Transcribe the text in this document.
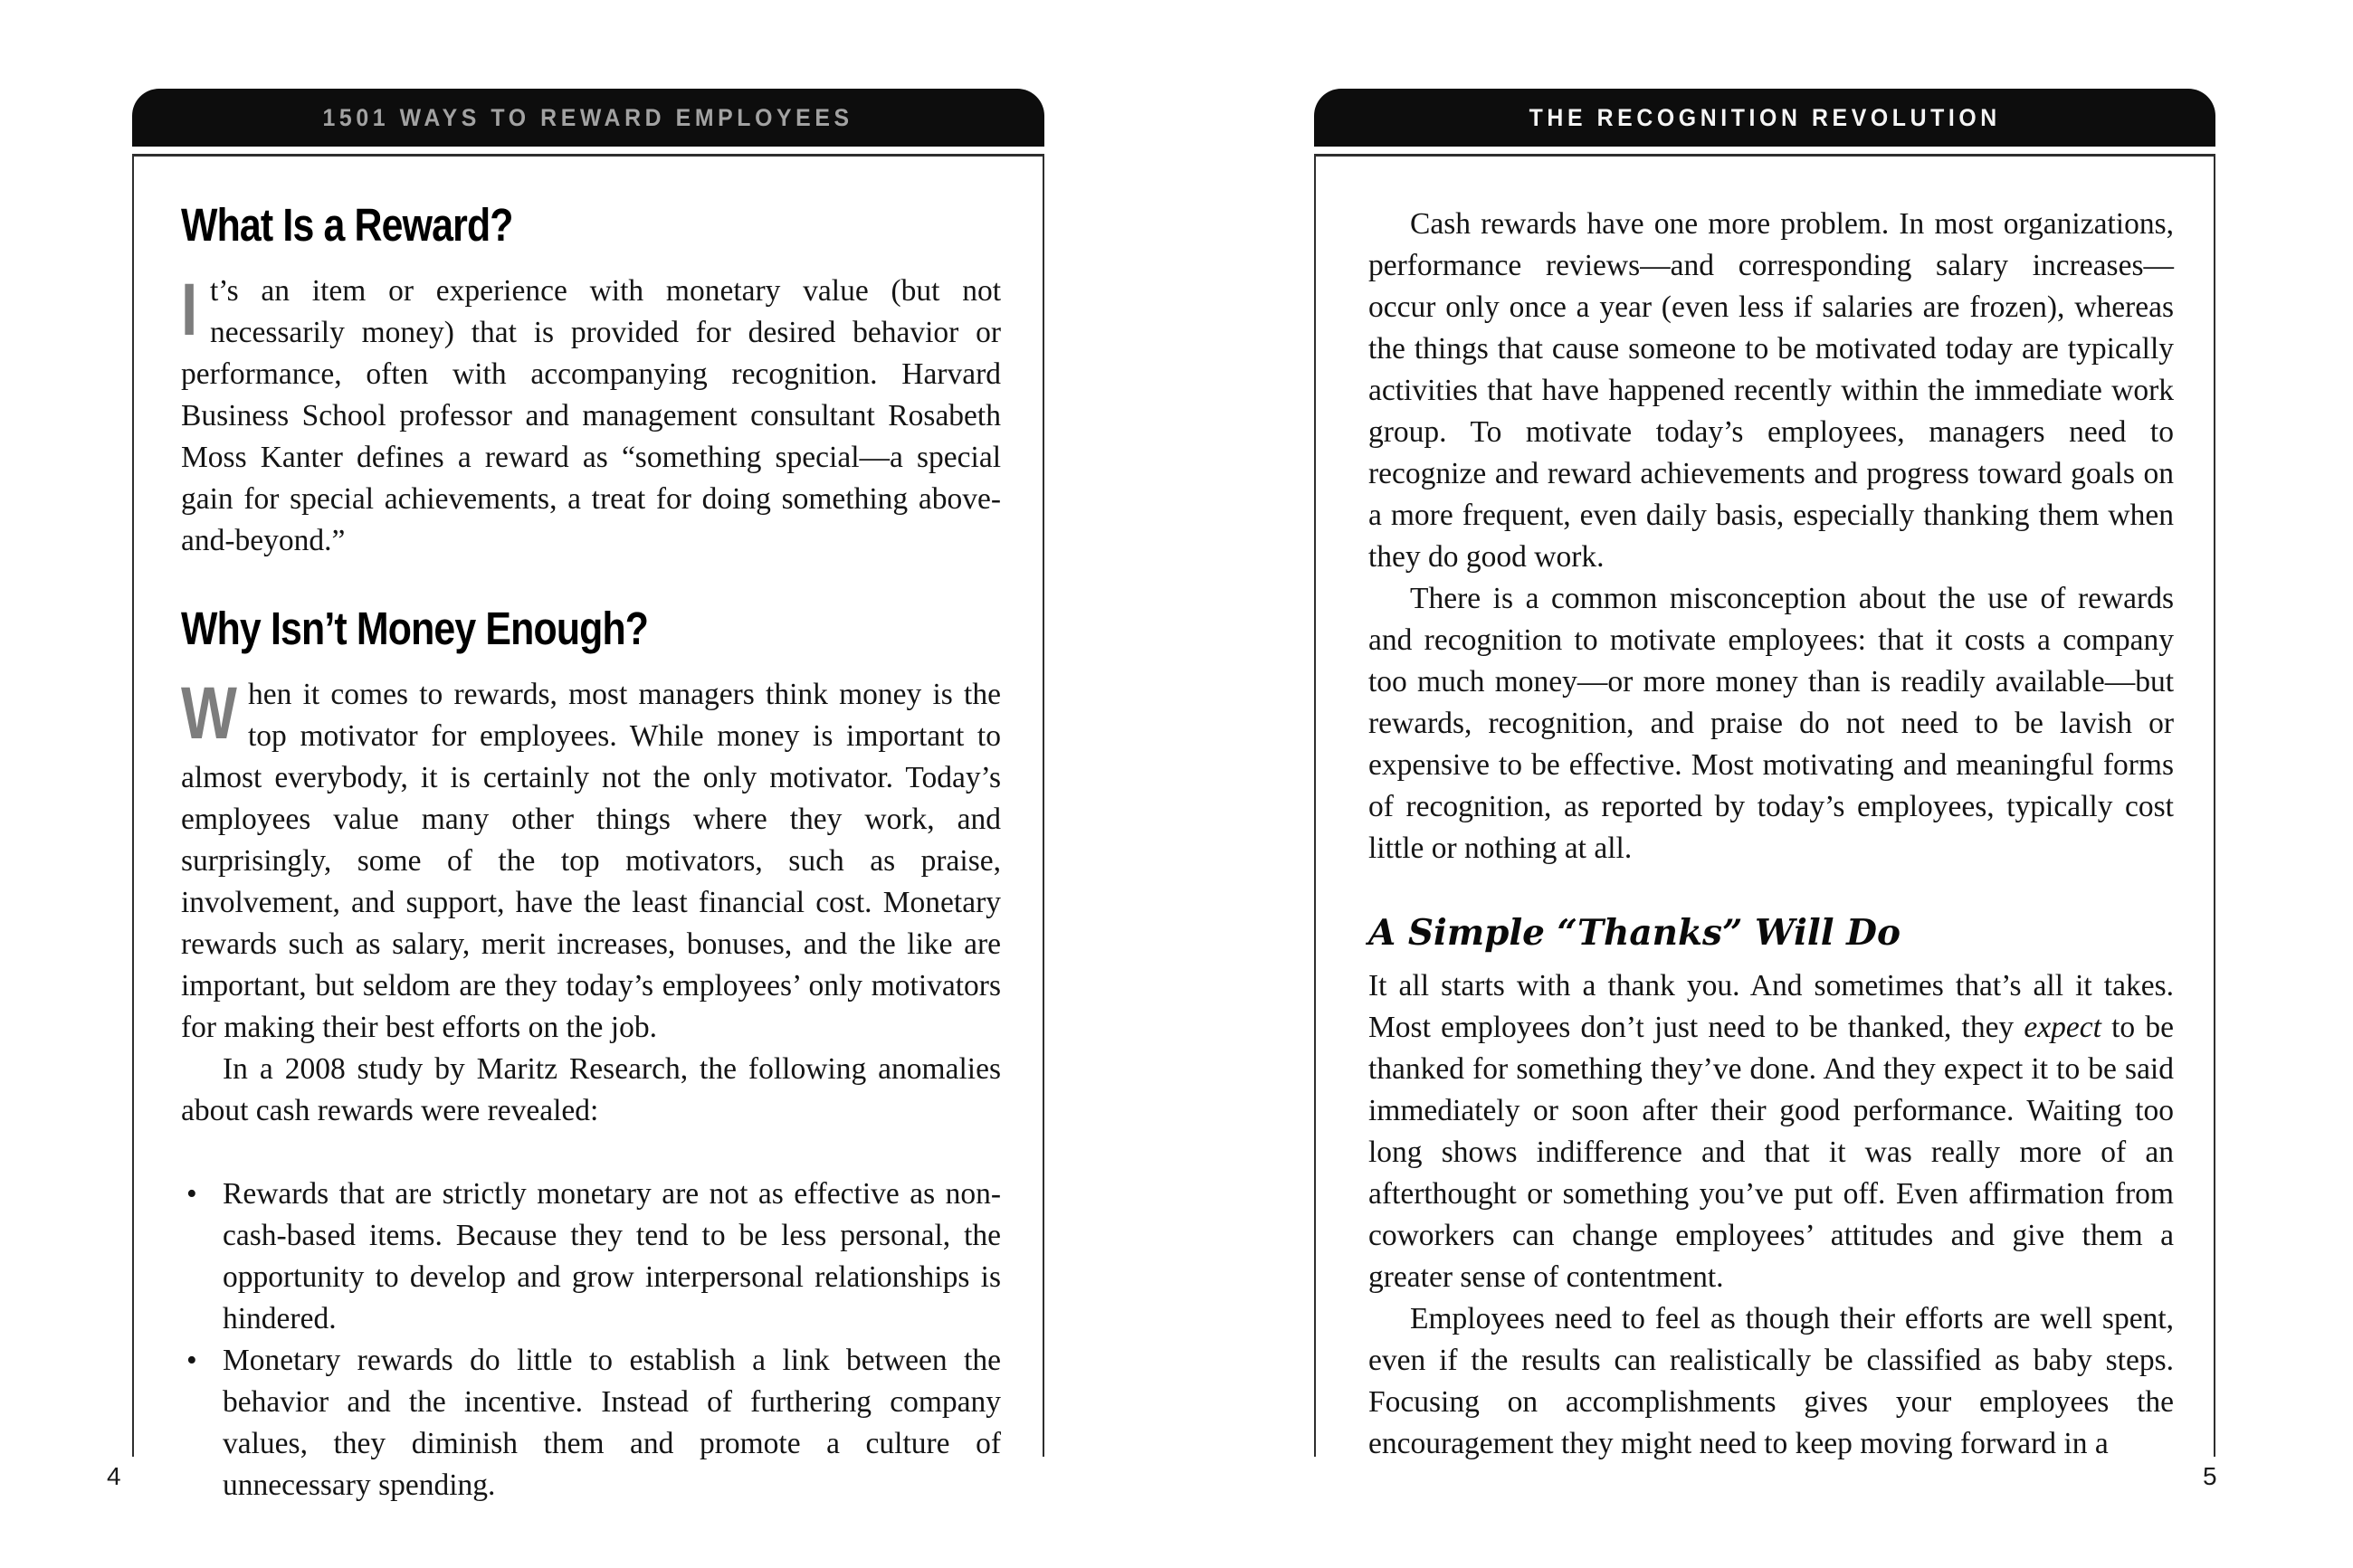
1501 WAYS TO REWARD EMPLOYEES
What Is a Reward?

It’s an item or experience with monetary value (but not necessarily money) that is provided for desired behavior or performance, often with accompanying recognition. Harvard Business School professor and management consultant Rosabeth Moss Kanter defines a reward as “something special—a special gain for special achievements, a treat for doing something above-and-beyond.”

Why Isn’t Money Enough?

When it comes to rewards, most managers think money is the top motivator for employees. While money is important to almost everybody, it is certainly not the only motivator. Today’s employees value many other things where they work, and surprisingly, some of the top motivators, such as praise, involvement, and support, have the least financial cost. Monetary rewards such as salary, merit increases, bonuses, and the like are important, but seldom are they today’s employees’ only motivators for making their best efforts on the job.

In a 2008 study by Maritz Research, the following anomalies about cash rewards were revealed:

• Rewards that are strictly monetary are not as effective as non-cash-based items. Because they tend to be less personal, the opportunity to develop and grow interpersonal relationships is hindered.
• Monetary rewards do little to establish a link between the behavior and the incentive. Instead of furthering company values, they diminish them and promote a culture of unnecessary spending.
THE RECOGNITION REVOLUTION

Cash rewards have one more problem. In most organizations, performance reviews—and corresponding salary increases—occur only once a year (even less if salaries are frozen), whereas the things that cause someone to be motivated today are typically activities that have happened recently within the immediate work group. To motivate today’s employees, managers need to recognize and reward achievements and progress toward goals on a more frequent, even daily basis, especially thanking them when they do good work.

There is a common misconception about the use of rewards and recognition to motivate employees: that it costs a company too much money—or more money than is readily available—but rewards, recognition, and praise do not need to be lavish or expensive to be effective. Most motivating and meaningful forms of recognition, as reported by today’s employees, typically cost little or nothing at all.

A Simple “Thanks” Will Do

It all starts with a thank you. And sometimes that’s all it takes. Most employees don’t just need to be thanked, they expect to be thanked for something they’ve done. And they expect it to be said immediately or soon after their good performance. Waiting too long shows indifference and that it was really more of an afterthought or something you’ve put off. Even affirmation from coworkers can change employees’ attitudes and give them a greater sense of contentment.

Employees need to feel as though their efforts are well spent, even if the results can realistically be classified as baby steps. Focusing on accomplishments gives your employees the encouragement they might need to keep moving forward in a

4	5
